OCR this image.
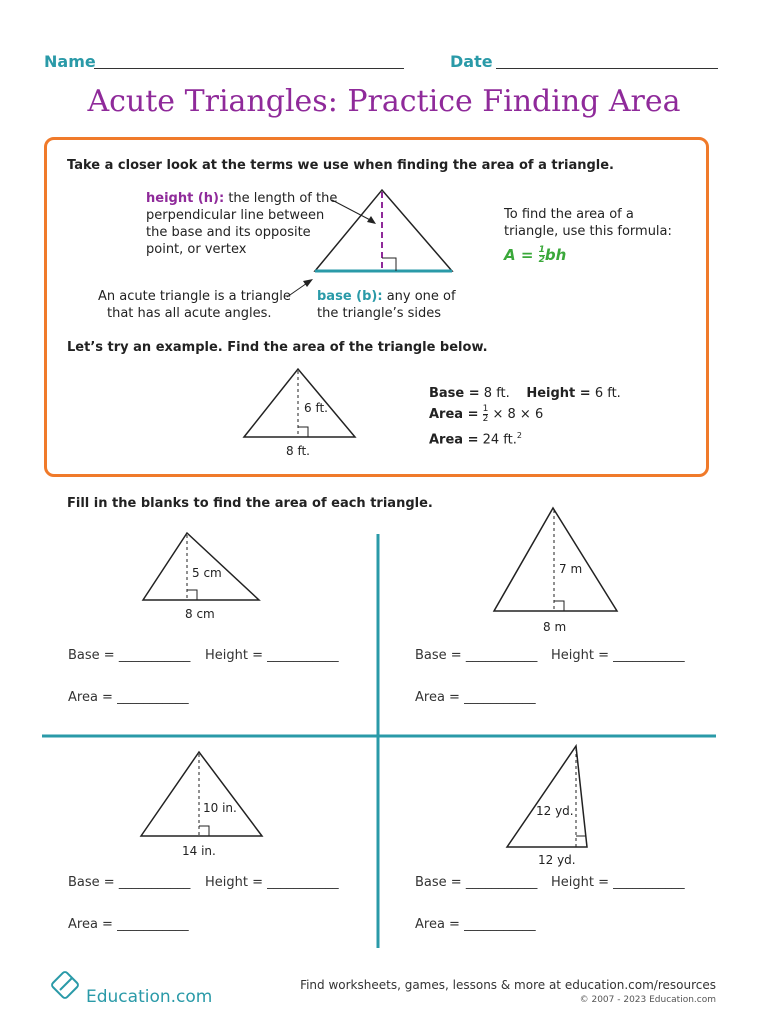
Name	Date
Acute Triangles: Practice Finding Area
Take a closer look at the terms we use when finding the area of a triangle.
height (h): the length of the
perpendicular line between
the base and its opposite
point, or vertex
An acute triangle is a triangle
that has all acute angles.
base (b): any one of
the triangle’s sides
To find the area of a
triangle, use this formula:
$A = \frac{1}{2}$ bh
Let’s try an example. Find the area of the triangle below.
6 ft.
8 ft.
Base = 8 ft. Height = 6 ft.
Area = $\frac{1}{2} \times 8 \times 6$
Area = 24 ft.$^2$
Fill in the blanks to find the area of each triangle.
5 cm
8 cm
7 m
8 m
10 in.
14 in.
12 yd.
12 yd.
Base = ___________ Height = ___________
Area = ___________
Base = ___________ Height = ___________
Area = ___________
Base = ___________ Height = ___________
Area = ___________
Base = ___________ Height = ___________
Area = ___________
Education.com
Find worksheets, games, lessons & more at education.com/resources
© 2007 - 2023 Education.com
